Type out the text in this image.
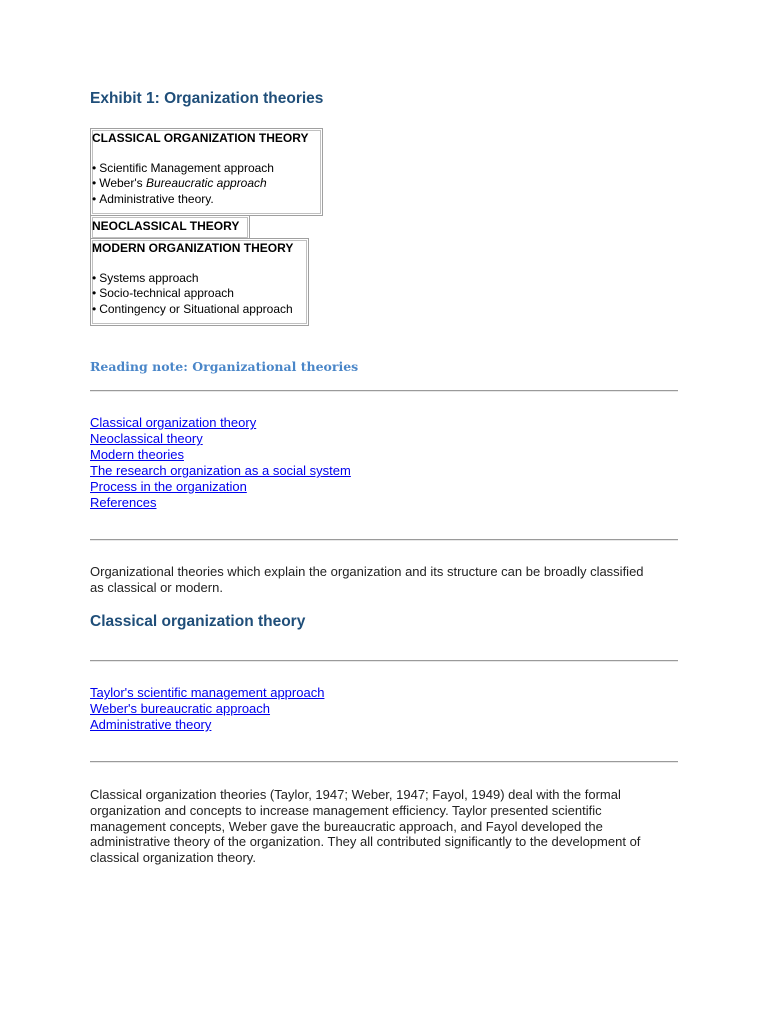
Exhibit 1: Organization theories
CLASSICAL ORGANIZATION THEORY
• Scientific Management approach
• Weber's Bureaucratic approach
• Administrative theory.
NEOCLASSICAL THEORY
MODERN ORGANIZATION THEORY
• Systems approach
• Socio-technical approach
• Contingency or Situational approach
Reading note: Organizational theories
Classical organization theory
Neoclassical theory
Modern theories
The research organization as a social system
Process in the organization
References

Organizational theories which explain the organization and its structure can be broadly classified as classical or modern.

Classical organization theory
Taylor's scientific management approach
Weber's bureaucratic approach
Administrative theory

Classical organization theories (Taylor, 1947; Weber, 1947; Fayol, 1949) deal with the formal organization and concepts to increase management efficiency. Taylor presented scientific management concepts, Weber gave the bureaucratic approach, and Fayol developed the administrative theory of the organization. They all contributed significantly to the development of classical organization theory.
